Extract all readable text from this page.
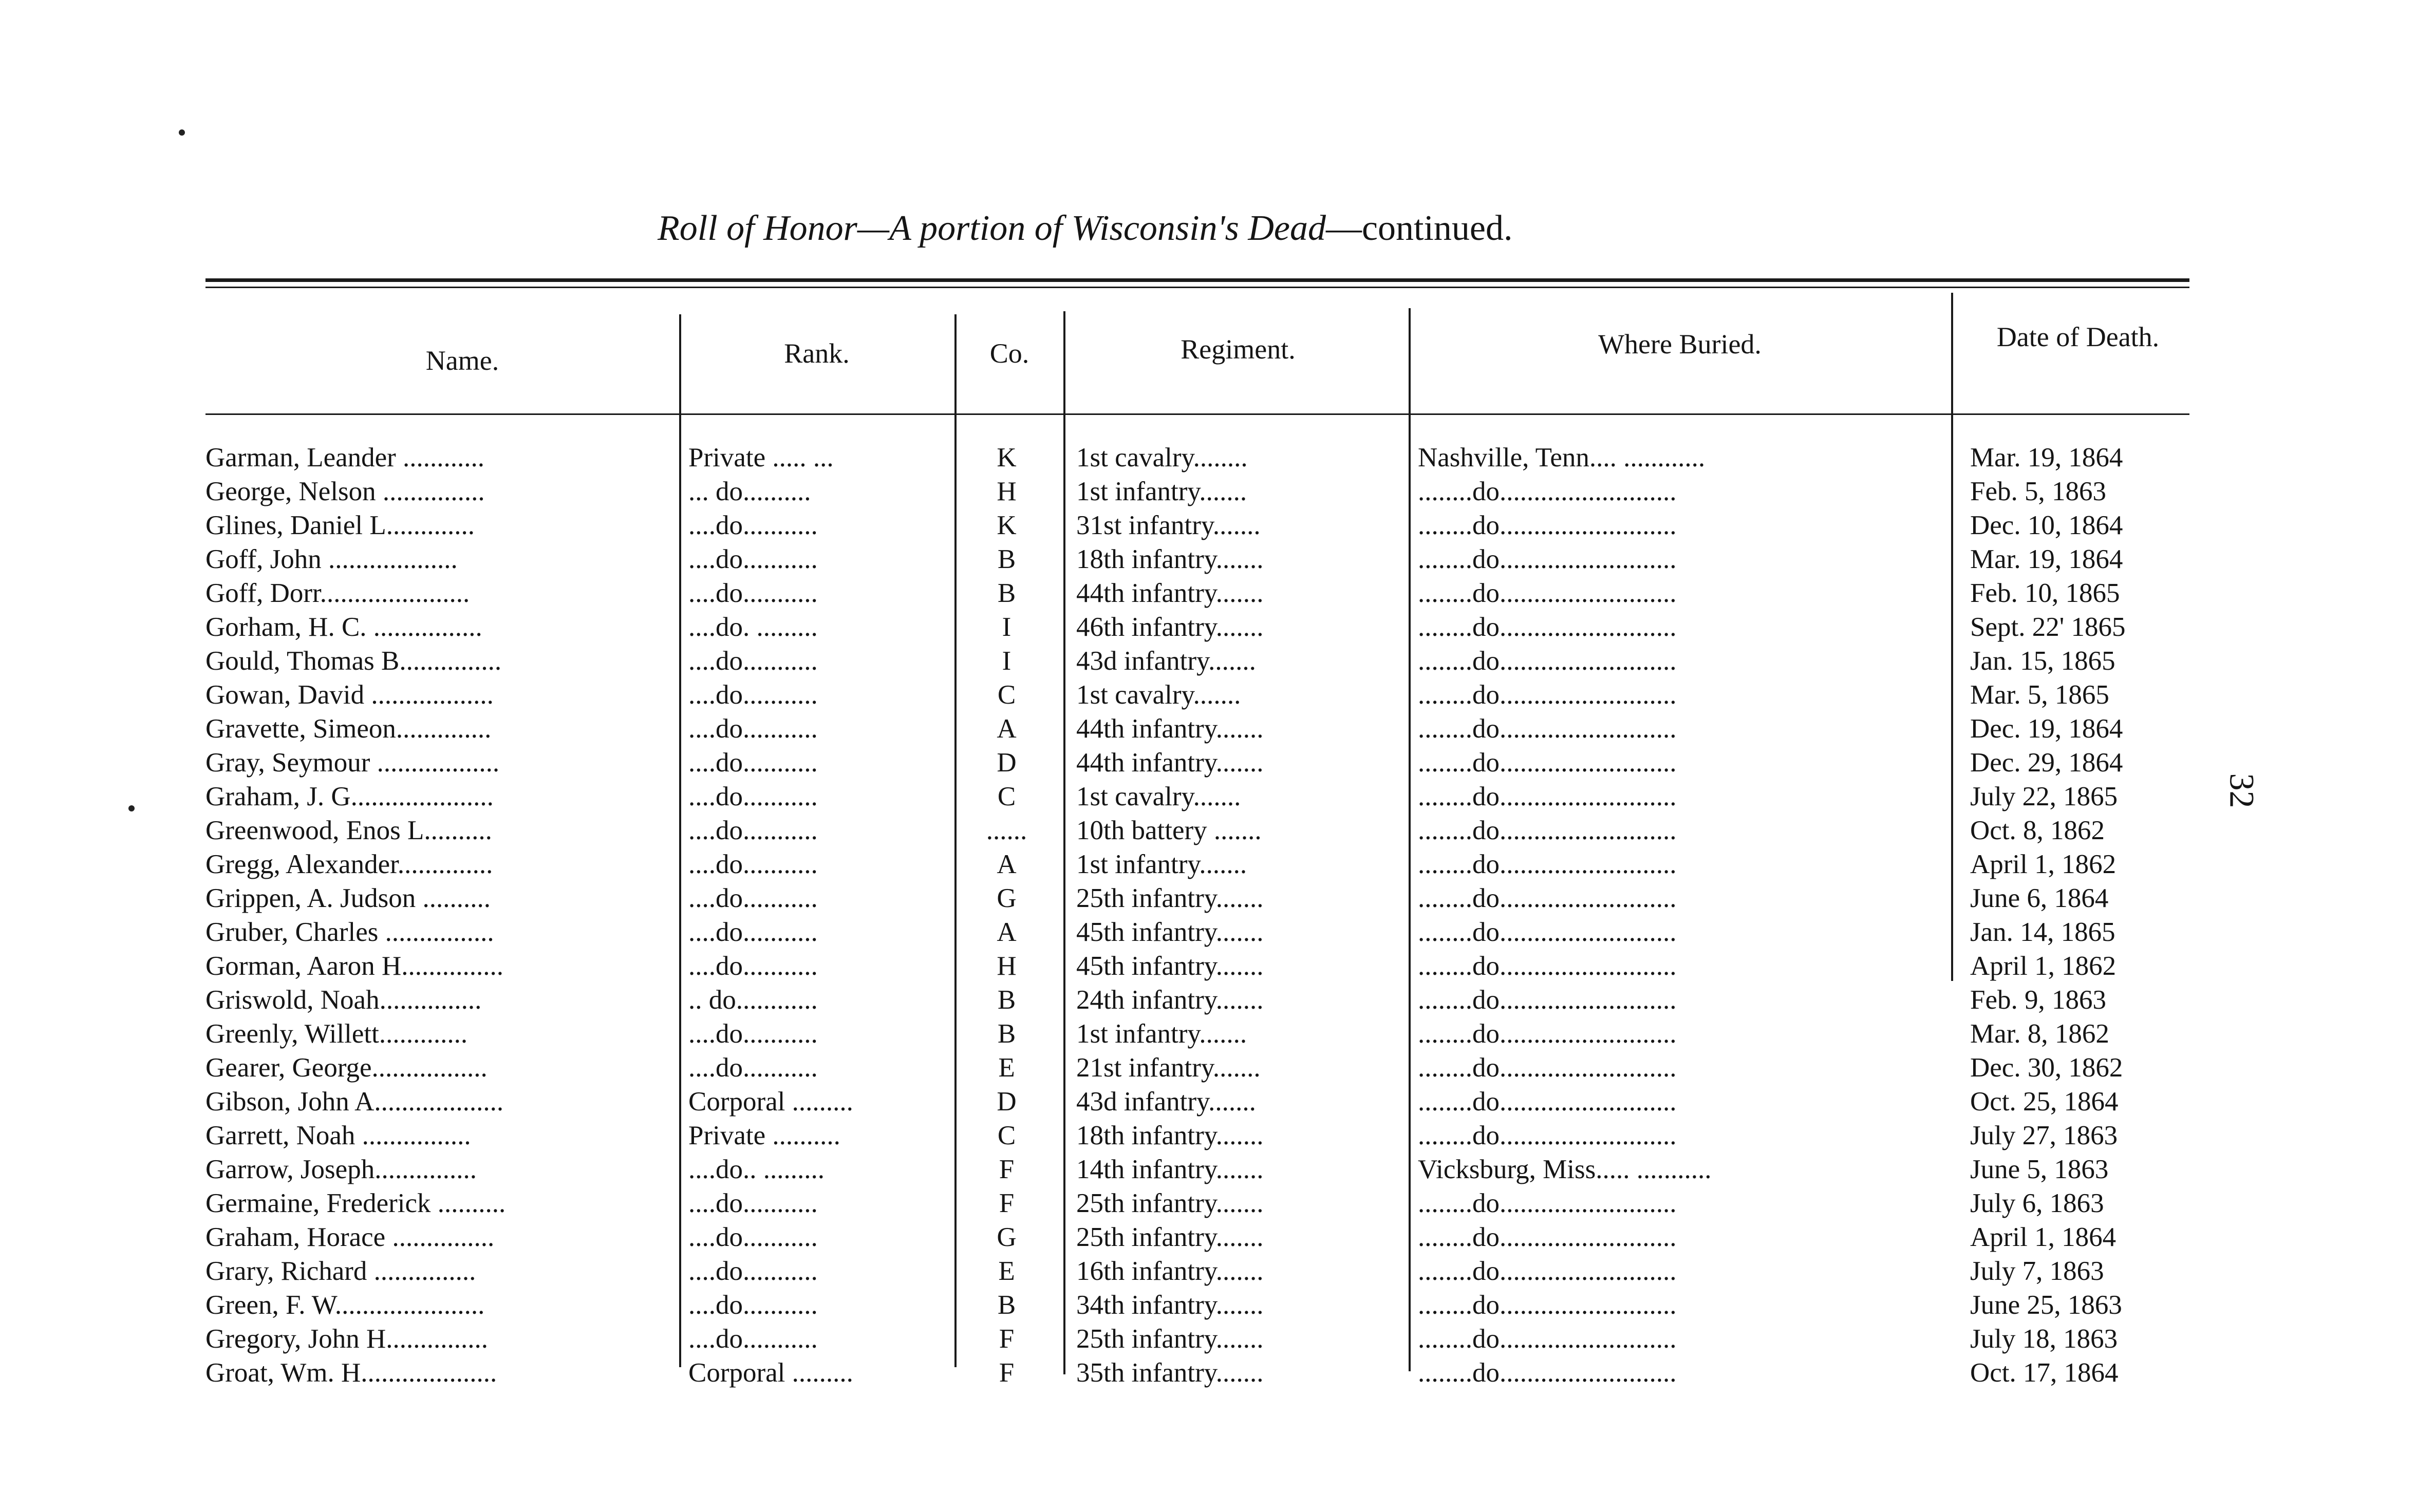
Roll of Honor—A portion of Wisconsin's Dead—continued.
Name.	Rank.	Co.	Regiment.	Where Buried.	Date of Death.
Garman, Leander ............	Private ..... ...	K	1st cavalry........	Nashville, Tenn.... ............	Mar. 19, 1864
George, Nelson ...............	... do..........	H	1st infantry.......	........do..........................	Feb. 5, 1863
Glines, Daniel L.............	....do...........	K	31st infantry.......	........do..........................	Dec. 10, 1864
Goff, John ...................	....do...........	B	18th infantry.......	........do..........................	Mar. 19, 1864
Goff, Dorr......................	....do...........	B	44th infantry.......	........do..........................	Feb. 10, 1865
Gorham, H. C. ................	....do. .........	I	46th infantry.......	........do..........................	Sept. 22' 1865
Gould, Thomas B...............	....do...........	I	43d infantry.......	........do..........................	Jan. 15, 1865
Gowan, David ..................	....do...........	C	1st cavalry.......	........do..........................	Mar. 5, 1865
Gravette, Simeon..............	....do...........	A	44th infantry.......	........do..........................	Dec. 19, 1864
Gray, Seymour ..................	....do...........	D	44th infantry.......	........do..........................	Dec. 29, 1864
Graham, J. G.....................	....do...........	C	1st cavalry.......	........do..........................	July 22, 1865
Greenwood, Enos L..........	....do...........	......	10th battery .......	........do..........................	Oct. 8, 1862
Gregg, Alexander..............	....do...........	A	1st infantry.......	........do..........................	April 1, 1862
Grippen, A. Judson ..........	....do...........	G	25th infantry.......	........do..........................	June 6, 1864
Gruber, Charles ................	....do...........	A	45th infantry.......	........do..........................	Jan. 14, 1865
Gorman, Aaron H...............	....do...........	H	45th infantry.......	........do..........................	April 1, 1862
Griswold, Noah...............	.. do............	B	24th infantry.......	........do..........................	Feb. 9, 1863
Greenly, Willett.............	....do...........	B	1st infantry.......	........do..........................	Mar. 8, 1862
Gearer, George.................	....do...........	E	21st infantry.......	........do..........................	Dec. 30, 1862
Gibson, John A...................	Corporal .........	D	43d infantry.......	........do..........................	Oct. 25, 1864
Garrett, Noah ................	Private ..........	C	18th infantry.......	........do..........................	July 27, 1863
Garrow, Joseph...............	....do.. .........	F	14th infantry.......	Vicksburg, Miss..... ...........	June 5, 1863
Germaine, Frederick ..........	....do...........	F	25th infantry.......	........do..........................	July 6, 1863
Graham, Horace ...............	....do...........	G	25th infantry.......	........do..........................	April 1, 1864
Grary, Richard ...............	....do...........	E	16th infantry.......	........do..........................	July 7, 1863
Green, F. W......................	....do...........	B	34th infantry.......	........do..........................	June 25, 1863
Gregory, John H...............	....do...........	F	25th infantry.......	........do..........................	July 18, 1863
Groat, Wm. H....................	Corporal .........	F	35th infantry.......	........do..........................	Oct. 17, 1864
32
